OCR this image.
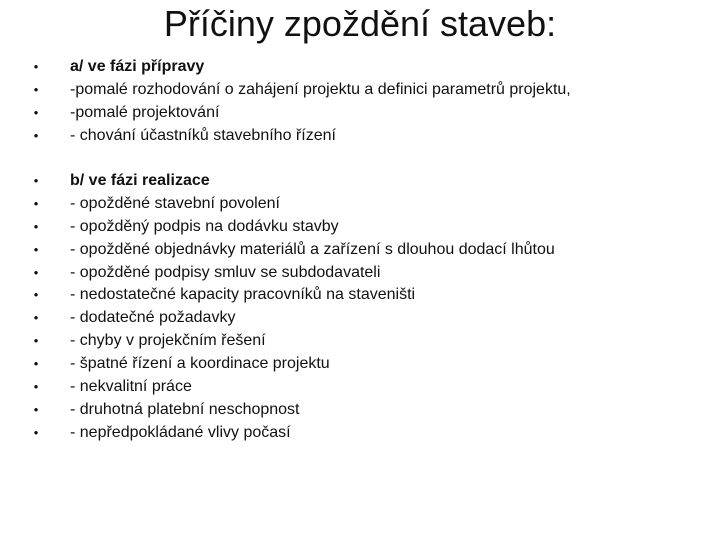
Příčiny zpoždění staveb:
• a/ ve fázi přípravy
• -pomalé rozhodování o zahájení projektu a definici parametrů projektu,
• -pomalé projektování
• - chování účastníků stavebního řízení
• b/ ve fázi realizace
• - opožděné stavební povolení
• - opožděný podpis na dodávku stavby
• - opožděné objednávky materiálů a zařízení s dlouhou dodací lhůtou
• - opožděné podpisy smluv se subdodavateli
• - nedostatečné kapacity pracovníků na staveništi
• - dodatečné požadavky
• - chyby v projekčním řešení
• - špatné řízení a koordinace projektu
• - nekvalitní práce
• - druhotná platební neschopnost
• - nepředpokládané vlivy počasí
